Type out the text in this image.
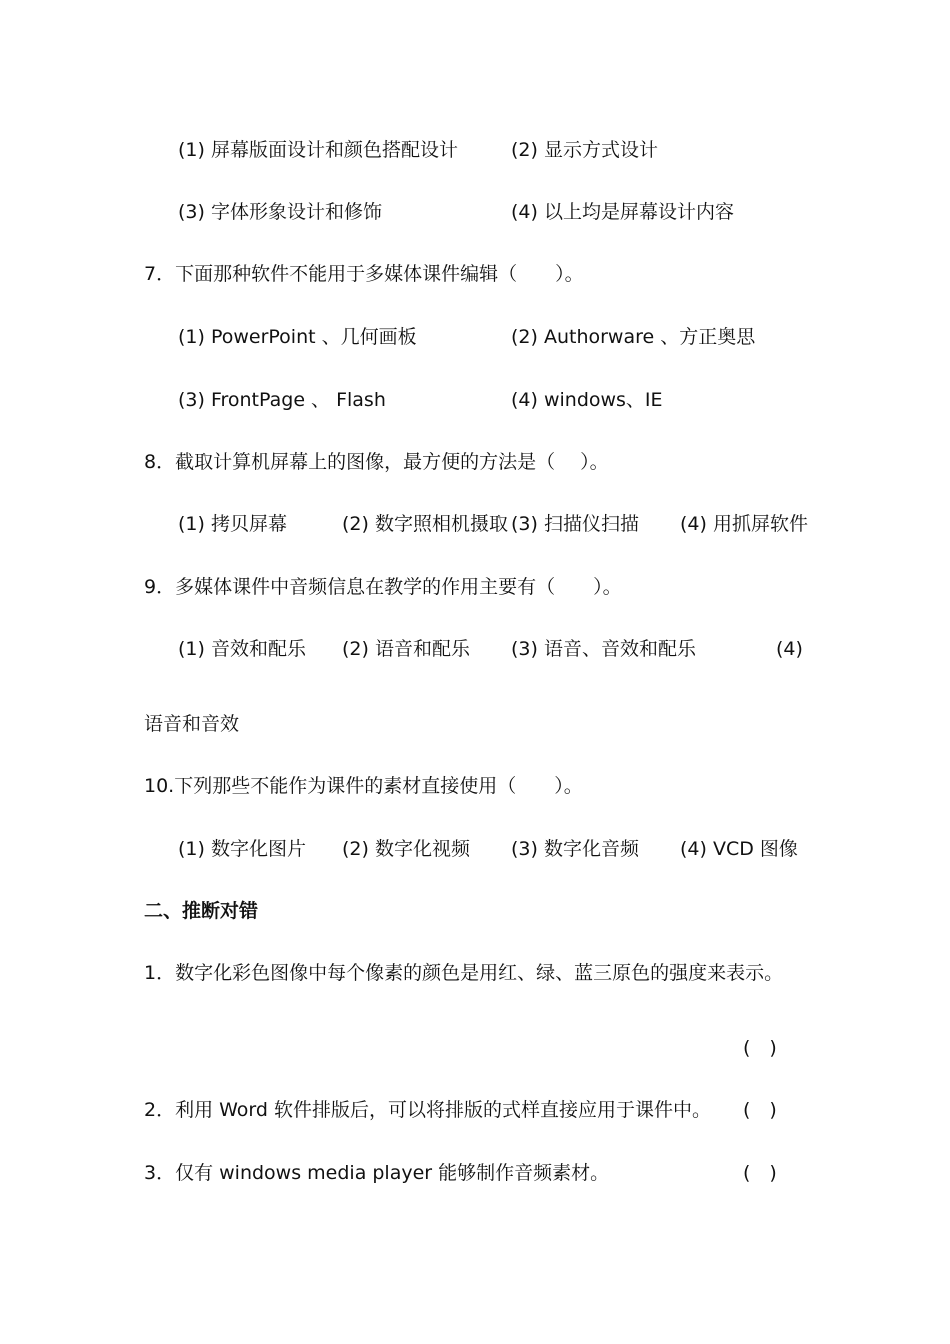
(1) 屏幕版面设计和颜色搭配设计	(2) 显示方式设计
(3) 字体形象设计和修饰	(4) 以上均是屏幕设计内容
7．下面那种软件不能用于多媒体课件编辑（　　）。
(1) PowerPoint 、几何画板	(2) Authorware 、方正奥思
(3) FrontPage 、 Flash	(4) windows、IE
8．截取计算机屏幕上的图像，最方便的方法是（　 ）。
(1) 拷贝屏幕	(2) 数字照相机摄取 (3) 扫描仪扫描 (4) 用抓屏软件
9．多媒体课件中音频信息在教学的作用主要有（　　）。
(1) 音效和配乐 (2) 语音和配乐 (3) 语音、音效和配乐	(4)
语音和音效
10.下列那些不能作为课件的素材直接使用（　　）。
(1) 数字化图片 (2) 数字化视频 (3) 数字化音频 (4) VCD 图像
二、推断对错
1．数字化彩色图像中每个像素的颜色是用红、绿、蓝三原色的强度来表示。
(　)
2．利用 Word 软件排版后，可以将排版的式样直接应用于课件中。 (　)
3．仅有 windows media player 能够制作音频素材。	(　)
